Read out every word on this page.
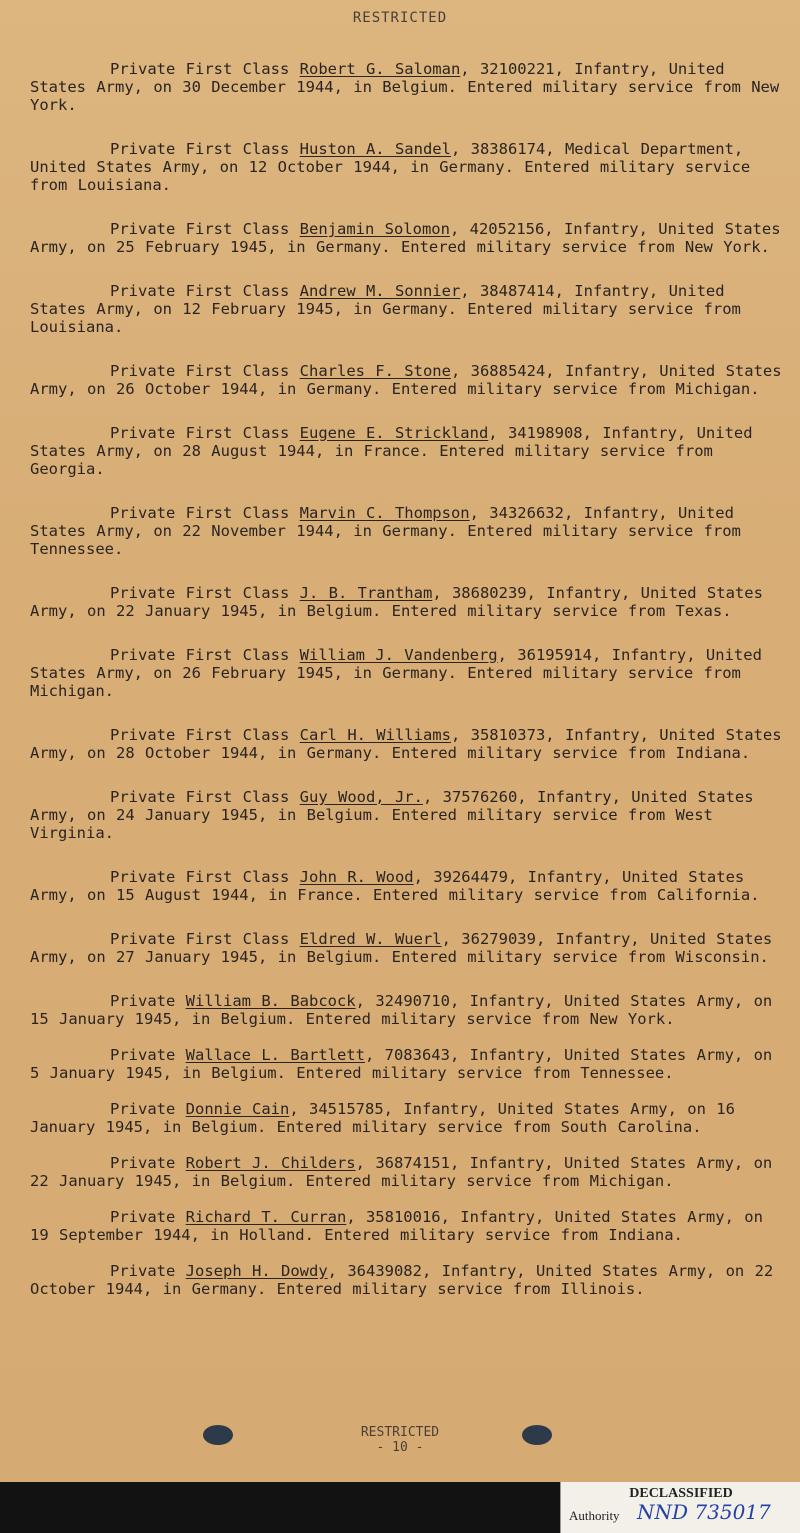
RESTRICTED

Private First Class Robert G. Saloman, 32100221, Infantry, United States Army, on 30 December 1944, in Belgium. Entered military service from New York.

Private First Class Huston A. Sandel, 38386174, Medical Department, United States Army, on 12 October 1944, in Germany. Entered military service from Louisiana.

Private First Class Benjamin Solomon, 42052156, Infantry, United States Army, on 25 February 1945, in Germany. Entered military service from New York.

Private First Class Andrew M. Sonnier, 38487414, Infantry, United States Army, on 12 February 1945, in Germany. Entered military service from Louisiana.

Private First Class Charles F. Stone, 36885424, Infantry, United States Army, on 26 October 1944, in Germany. Entered military service from Michigan.

Private First Class Eugene E. Strickland, 34198908, Infantry, United States Army, on 28 August 1944, in France. Entered military service from Georgia.

Private First Class Marvin C. Thompson, 34326632, Infantry, United States Army, on 22 November 1944, in Germany. Entered military service from Tennessee.

Private First Class J. B. Trantham, 38680239, Infantry, United States Army, on 22 January 1945, in Belgium. Entered military service from Texas.

Private First Class William J. Vandenberg, 36195914, Infantry, United States Army, on 26 February 1945, in Germany. Entered military service from Michigan.

Private First Class Carl H. Williams, 35810373, Infantry, United States Army, on 28 October 1944, in Germany. Entered military service from Indiana.

Private First Class Guy Wood, Jr., 37576260, Infantry, United States Army, on 24 January 1945, in Belgium. Entered military service from West Virginia.

Private First Class John R. Wood, 39264479, Infantry, United States Army, on 15 August 1944, in France. Entered military service from California.

Private First Class Eldred W. Wuerl, 36279039, Infantry, United States Army, on 27 January 1945, in Belgium. Entered military service from Wisconsin.

Private William B. Babcock, 32490710, Infantry, United States Army, on 15 January 1945, in Belgium. Entered military service from New York.

Private Wallace L. Bartlett, 7083643, Infantry, United States Army, on 5 January 1945, in Belgium. Entered military service from Tennessee.

Private Donnie Cain, 34515785, Infantry, United States Army, on 16 January 1945, in Belgium. Entered military service from South Carolina.

Private Robert J. Childers, 36874151, Infantry, United States Army, on 22 January 1945, in Belgium. Entered military service from Michigan.

Private Richard T. Curran, 35810016, Infantry, United States Army, on 19 September 1944, in Holland. Entered military service from Indiana.

Private Joseph H. Dowdy, 36439082, Infantry, United States Army, on 22 October 1944, in Germany. Entered military service from Illinois.

RESTRICTED
- 10 -
DECLASSIFIED
Authority NND 735017
